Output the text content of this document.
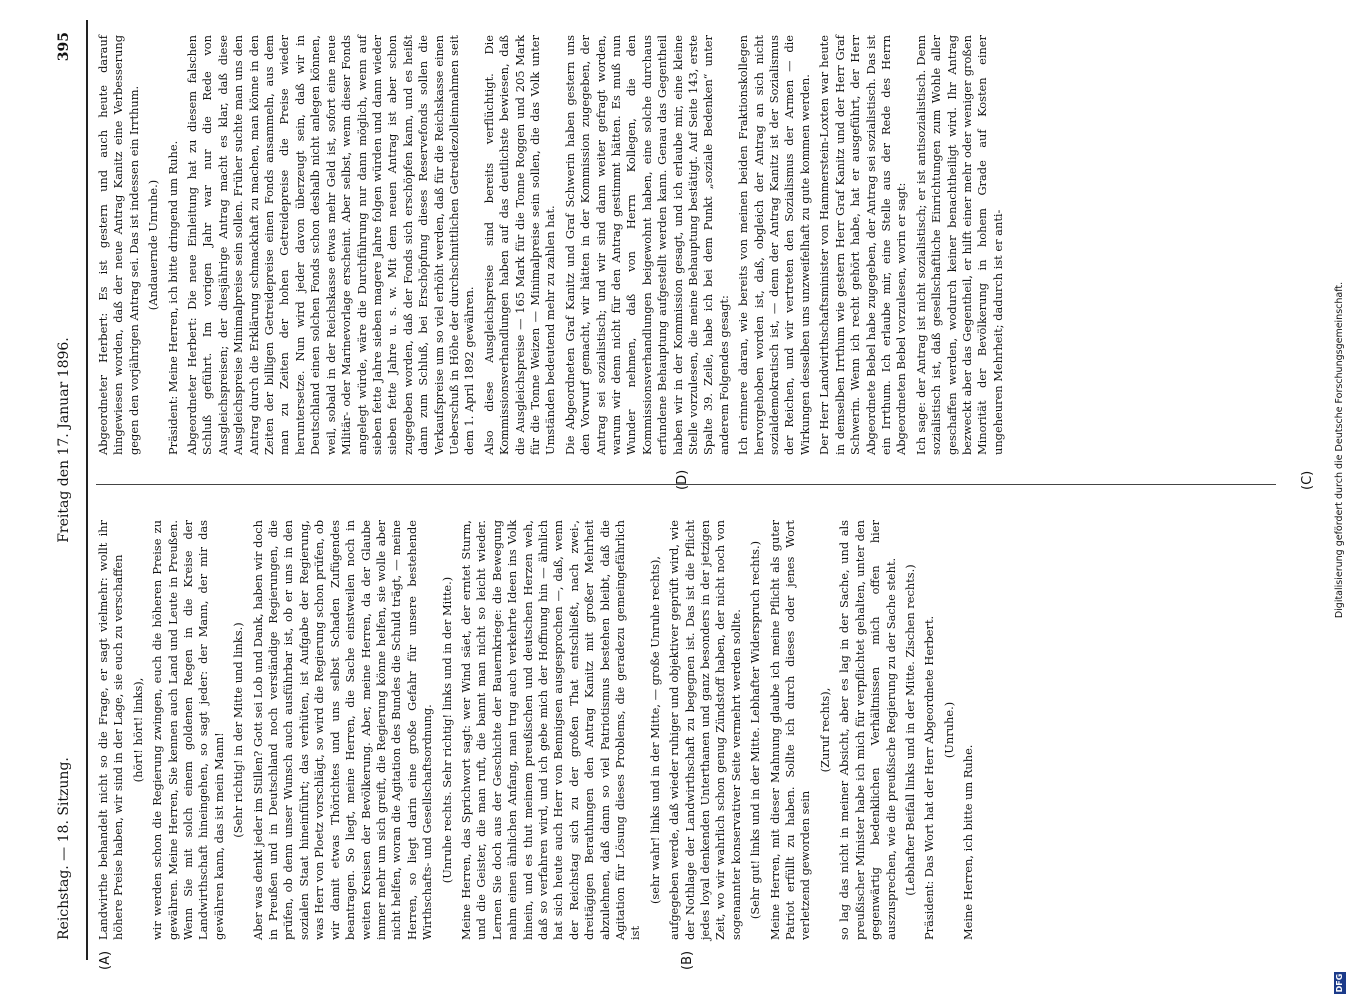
Reichstag. — 18. Sitzung.
Freitag den 17. Januar 1896.
395
(A)	(B)
(C)
(D)

Landwirthe behandelt nicht so die Frage, er sagt vielmehr: wollt ihr höhere Preise haben, wir sind in der Lage, sie euch zu verschaffen (hört! hört! links), wir werden schon die Regierung zwingen, euch die höheren Preise zu gewähren. Meine Herren, Sie kennen auch Land und Leute in Preußen. Wenn Sie mit solch einem goldenen Regen in die Kreise der Landwirthschaft hineingehen, so sagt jeder: der Mann, der mir das gewähren kann, das ist mein Mann! (Sehr richtig! in der Mitte und links.) Aber was denkt jeder im Stillen? Gott sei Lob und Dank, haben wir doch in Preußen und in Deutschland noch verständige Regierungen, die prüfen, ob denn unser Wunsch auch ausführbar ist, ob er uns in den sozialen Staat hineinführt; das verhüten, ist Aufgabe der Regierung, was Herr von Ploetz vorschlägt, so wird die Regierung schon prüfen, ob wir damit etwas Thörichtes und uns selbst Schaden Zufügendes beantragen. So liegt, meine Herren, die Sache einstweilen noch in weiten Kreisen der Bevölkerung. Aber, meine Herren, da der Glaube immer mehr um sich greift, die Regierung könne helfen, sie wolle aber nicht helfen, woran die Agitation des Bundes die Schuld trägt, — meine Herren, so liegt darin eine große Gefahr für unsere bestehende Wirthschafts- und Gesellschaftsordnung. (Unruhe rechts. Sehr richtig! links und in der Mitte.) Meine Herren, das Sprichwort sagt: wer Wind säet, der erntet Sturm, und die Geister, die man ruft, die bannt man nicht so leicht wieder. Lernen Sie doch aus der Geschichte der Bauernkriege: die Bewegung nahm einen ähnlichen Anfang, man trug auch verkehrte Ideen ins Volk hinein, und es thut meinem preußischen und deutschen Herzen weh, daß so verfahren wird, und ich gebe mich der Hoffnung hin — ähnlich hat sich heute auch Herr von Bennigsen ausgesprochen —, daß, wenn der Reichstag sich zu der großen That entschließt, nach zwei-, dreitägigen Berathungen den Antrag Kanitz mit großer Mehrheit abzulehnen, daß dann so viel Patriotismus bestehen bleibt, daß die Agitation für Lösung dieses Problems, die geradezu gemeingefährlich ist

(sehr wahr! links und in der Mitte, — große Unruhe rechts), aufgegeben werde, daß wieder ruhiger und objektiver geprüft wird, wie der Nothlage der Landwirthschaft zu begegnen ist. Das ist die Pflicht jedes loyal denkenden Unterthanen und ganz besonders in der jetzigen Zeit, wo wir wahrlich schon genug Zündstoff haben, der nicht noch von sogenannter konservativer Seite vermehrt werden sollte. (Sehr gut! links und in der Mitte. Lebhafter Widerspruch rechts.) Meine Herren, mit dieser Mahnung glaube ich meine Pflicht als guter Patriot erfüllt zu haben. Sollte ich durch dieses oder jenes Wort verletzend geworden sein

(Zuruf rechts), so lag das nicht in meiner Absicht, aber es lag in der Sache, und als preußischer Minister habe ich mich für verpflichtet gehalten, unter den gegenwärtig bedenklichen Verhältnissen mich offen hier auszusprechen, wie die preußische Regierung zu der Sache steht. (Lebhafter Beifall links und in der Mitte. Zischen rechts.) Präsident: Das Wort hat der Herr Abgeordnete Herbert. (Unruhe.)

Meine Herren, ich bitte um Ruhe.

Abgeordneter Herbert: Es ist gestern und auch heute darauf hingewiesen worden, daß der neue Antrag Kanitz eine Verbesserung gegen den vorjährigen Antrag sei. Das ist indessen ein Irrthum. (Andauernde Unruhe.) Präsident: Meine Herren, ich bitte dringend um Ruhe. Abgeordneter Herbert: Die neue Einleitung hat zu diesem falschen Schluß geführt. Im vorigen Jahr war nur die Rede von Ausgleichspreisen; der diesjährige Antrag macht es klar, daß diese Ausgleichspreise Minimalpreise sein sollen. Früher suchte man uns den Antrag durch die Erklärung schmackhaft zu machen, man könne in den Zeiten der billigen Getreidepreise einen Fonds ansammeln, aus dem man zu Zeiten der hohen Getreidepreise die Preise wieder heruntersetze. Nun wird jeder davon überzeugt sein, daß wir in Deutschland einen solchen Fonds schon deshalb nicht anlegen können, weil, sobald in der Reichskasse etwas mehr Geld ist, sofort eine neue Militär- oder Marinevorlage erscheint. Aber selbst, wenn dieser Fonds angelegt würde, wäre die Durchführung nur dann möglich, wenn auf sieben fette Jahre sieben magere Jahre folgen würden und dann wieder sieben fette Jahre u. s. w. Mit dem neuen Antrag ist aber schon zugegeben worden, daß der Fonds sich erschöpfen kann, und es heißt dann zum Schluß, bei Erschöpfung dieses Reservefonds sollen die Verkaufspreise um so viel erhöht werden, daß für die Reichskasse einen Ueberschuß in Höhe der durchschnittlichen Getreidezolleinnahmen seit dem 1. April 1892 gewähren. Also diese Ausgleichspreise sind bereits verflüchtigt. Die Kommissionsverhandlungen haben auf das deutlichste bewiesen, daß die Ausgleichspreise — 165 Mark für die Tonne Roggen und 205 Mark für die Tonne Weizen — Minimalpreise sein sollen, die das Volk unter Umständen bedeutend mehr zu zahlen hat. Die Abgeordneten Graf Kanitz und Graf Schwerin haben gestern uns den Vorwurf gemacht, wir hätten in der Kommission zugegeben, der Antrag sei sozialistisch; und wir sind dann weiter gefragt worden, warum wir denn nicht für den Antrag gestimmt hätten. Es muß nun Wunder nehmen, daß von Herrn Kollegen, die den Kommissionsverhandlungen beigewohnt haben, eine solche durchaus erfundene Behauptung aufgestellt werden kann. Genau das Gegentheil haben wir in der Kommission gesagt, und ich erlaube mir, eine kleine Stelle vorzulesen, die meine Behauptung bestätigt. Auf Seite 143, erste Spalte 39. Zeile, habe ich bei dem Punkt „soziale Bedenken“ unter anderem Folgendes gesagt: Ich erinnere daran, wie bereits von meinen beiden Fraktionskollegen hervorgehoben worden ist, daß, obgleich der Antrag an sich nicht sozialdemokratisch ist, — denn der Antrag Kanitz ist der Sozialismus der Reichen, und wir vertreten den Sozialismus der Armen — die Wirkungen desselben uns unzweifelhaft zu gute kommen werden. Der Herr Landwirthschaftsminister von Hammerstein-Loxten war heute in demselben Irrthum wie gestern Herr Graf Kanitz und der Herr Graf Schwerin. Wenn ich recht gehört habe, hat er ausgeführt, der Herr Abgeordnete Bebel habe zugegeben, der Antrag sei sozialistisch. Das ist ein Irrthum. Ich erlaube mir, eine Stelle aus der Rede des Herrn Abgeordneten Bebel vorzulesen, worin er sagt: Ich sage: der Antrag ist nicht sozialistisch; er ist antisozialistisch. Denn sozialistisch ist, daß gesellschaftliche Einrichtungen zum Wohle aller geschaffen werden, wodurch keiner benachtheiligt wird. Ihr Antrag bezweckt aber das Gegentheil, er hilft einer mehr oder weniger großen Minorität der Bevölkerung in hohem Grade auf Kosten einer ungeheuren Mehrheit; dadurch ist er anti-

DFG
Digitalisierung gefördert durch die Deutsche Forschungsgemeinschaft.
